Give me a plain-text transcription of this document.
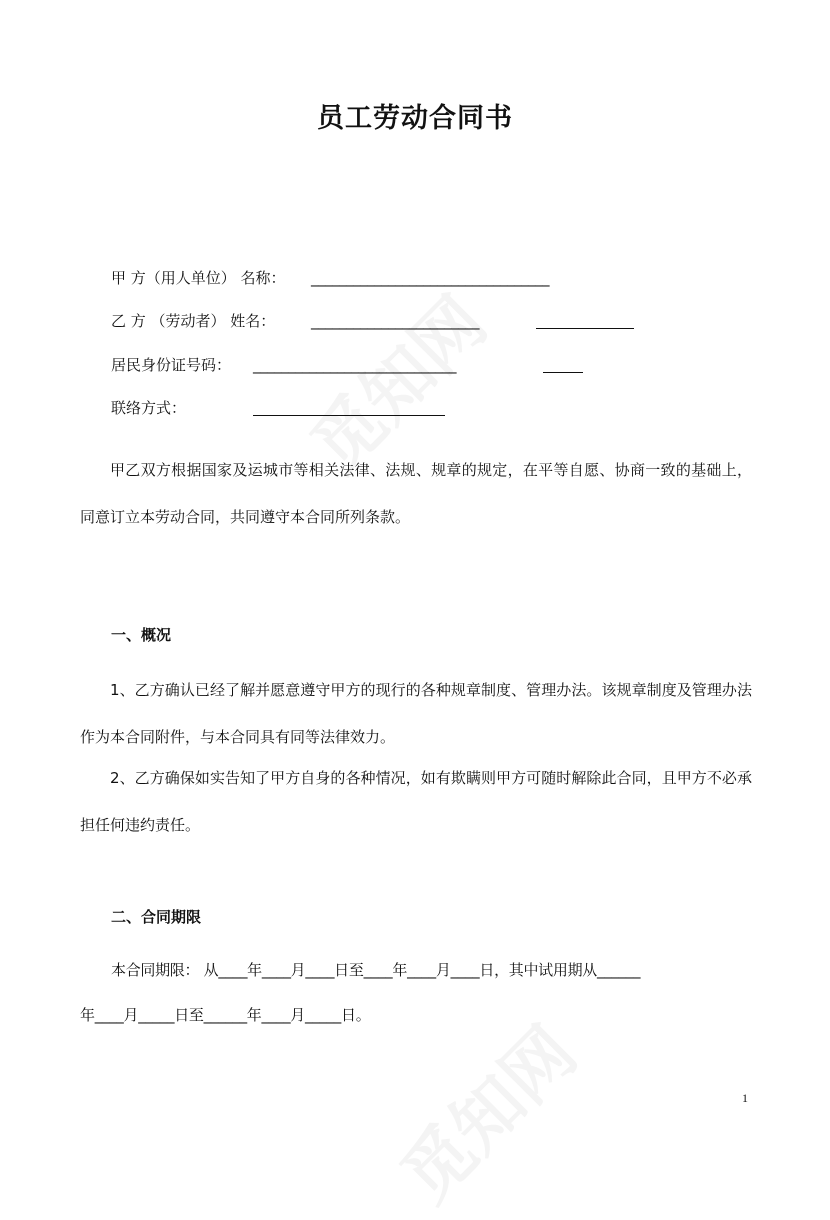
员工劳动合同书
甲 方（用人单位） 名称： __________________________________
乙 方 （劳动者） 姓名： ________________________
居民身份证号码： _____________________________
联络方式：

甲乙双方根据国家及运城市等相关法律、法规、规章的规定，在平等自愿、协商一致的基础上，同意订立本劳动合同，共同遵守本合同所列条款。

一、概况

1、乙方确认已经了解并愿意遵守甲方的现行的各种规章制度、管理办法。该规章制度及管理办法作为本合同附件，与本合同具有同等法律效力。

2、乙方确保如实告知了甲方自身的各种情况，如有欺瞒则甲方可随时解除此合同，且甲方不必承担任何违约责任。

二、合同期限
本合同期限： 从____年____月____日至____年____月____日，其中试用期从______
年____月_____日至______年____月_____日。
1
